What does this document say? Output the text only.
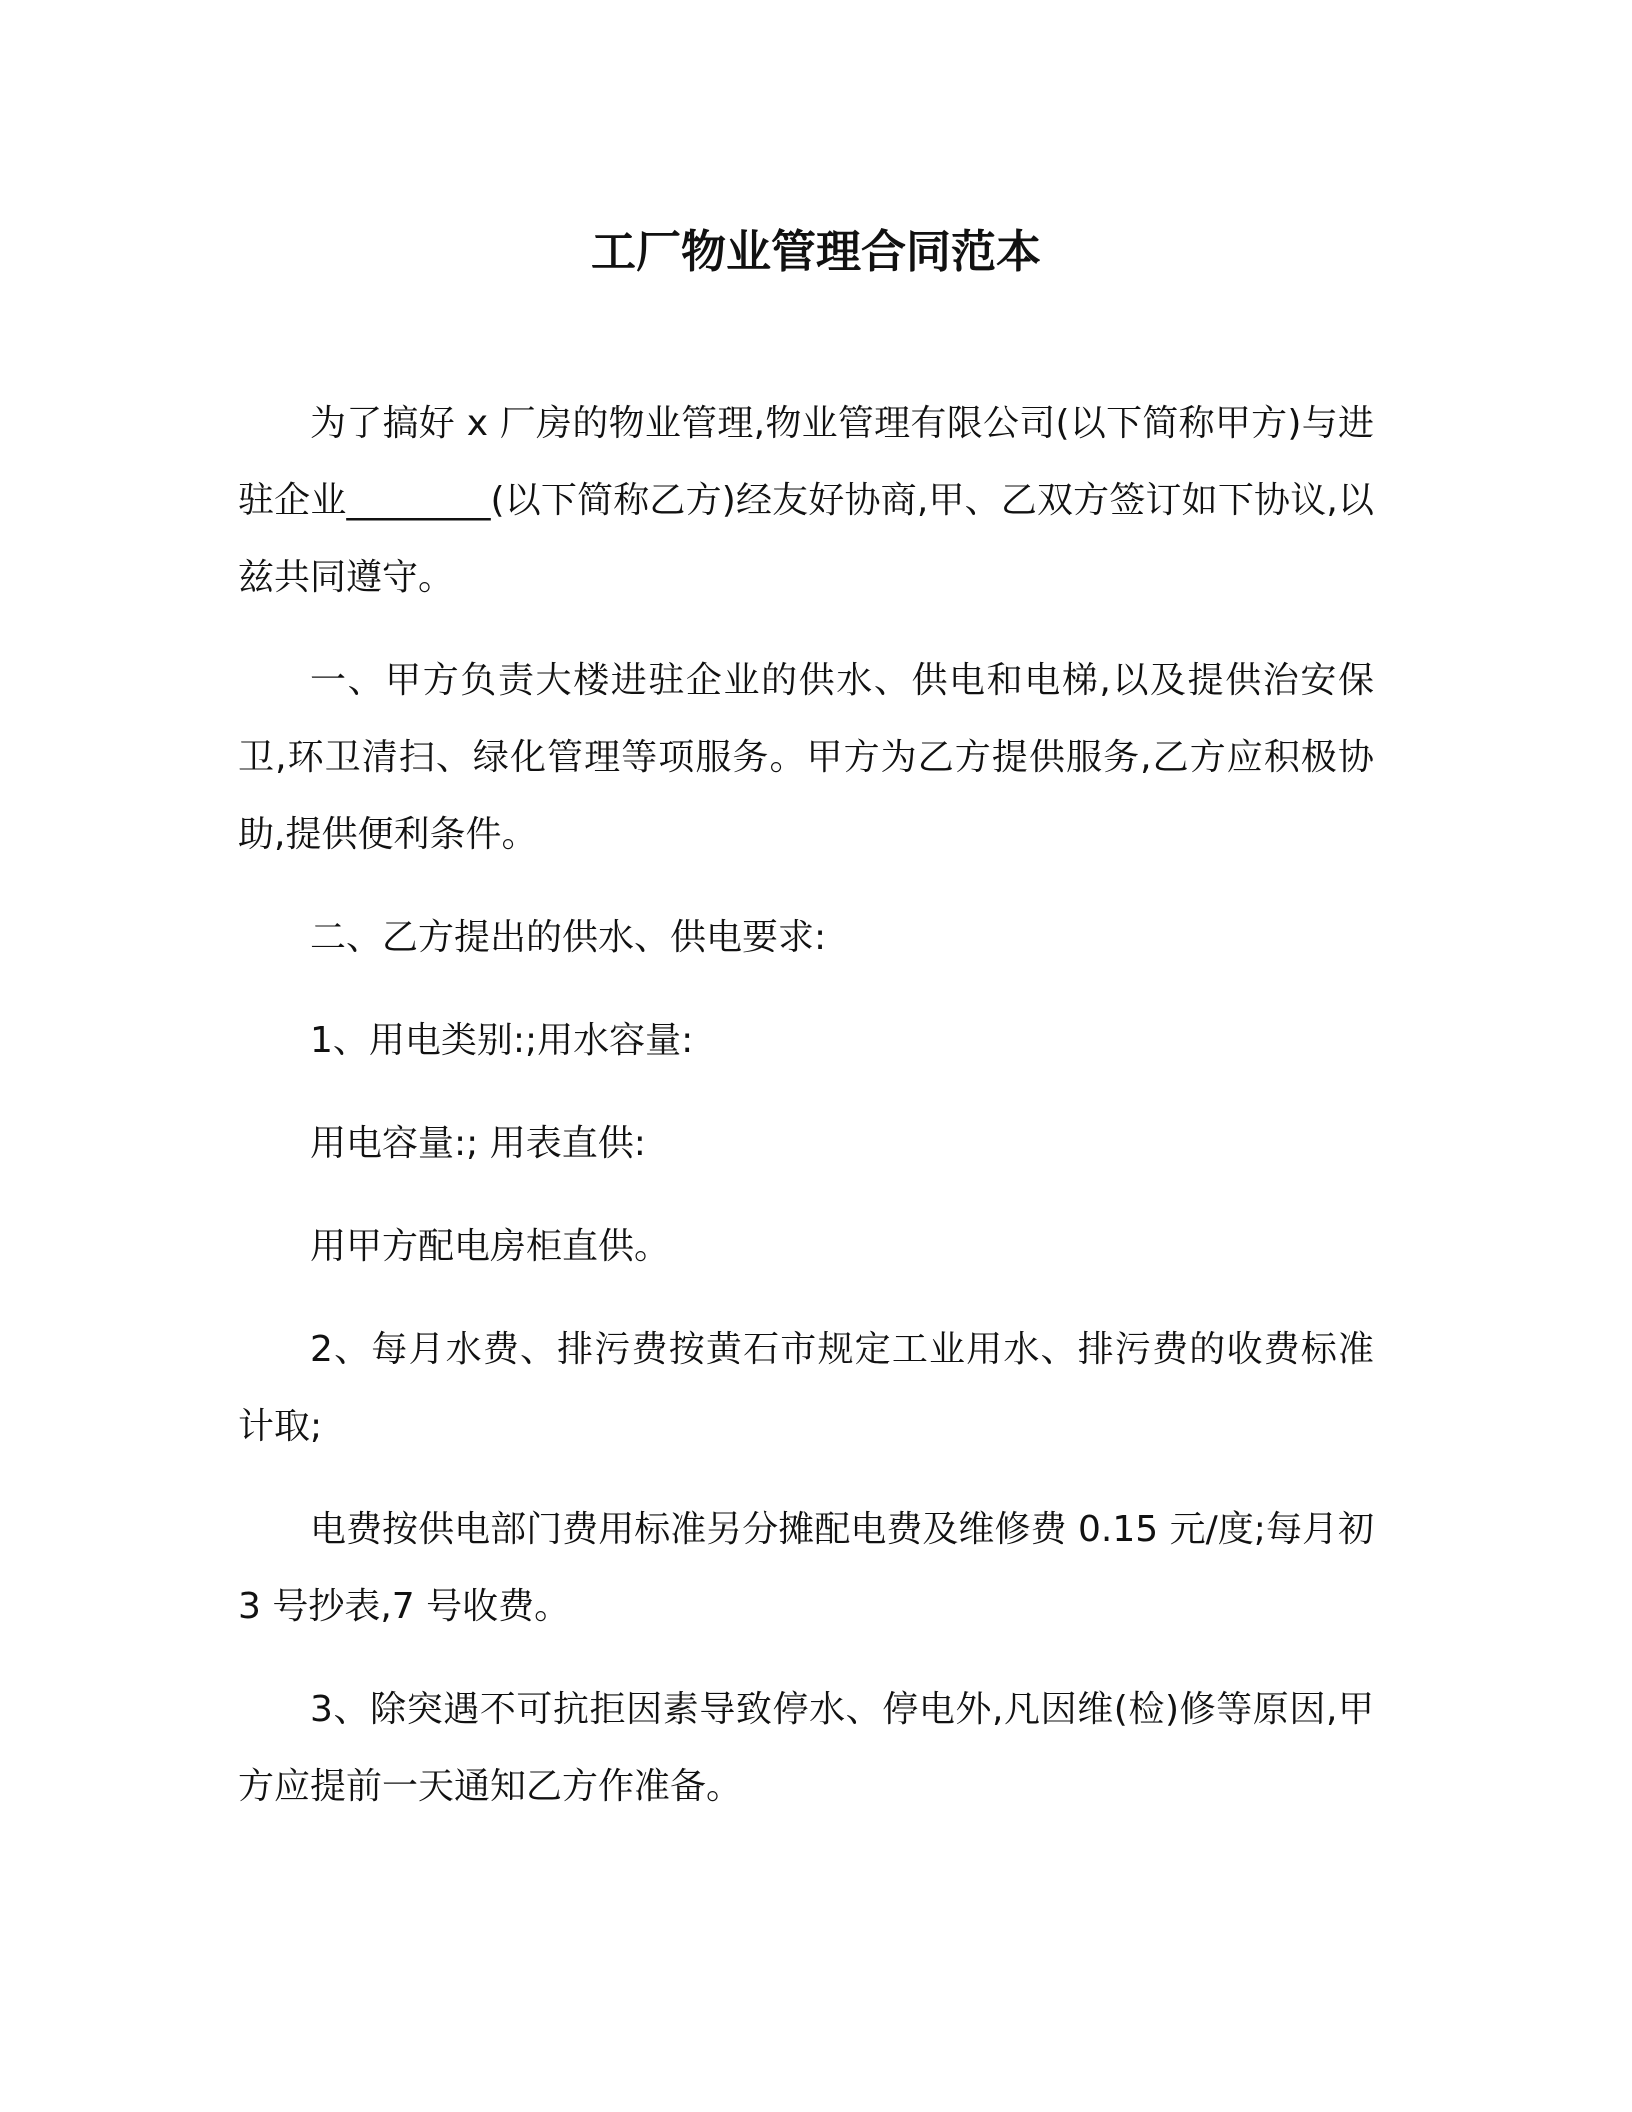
工厂物业管理合同范本

为了搞好 x 厂房的物业管理,物业管理有限公司(以下简称甲方)与进驻企业________(以下简称乙方)经友好协商,甲、乙双方签订如下协议,以兹共同遵守。

一、甲方负责大楼进驻企业的供水、供电和电梯,以及提供治安保卫,环卫清扫、绿化管理等项服务。甲方为乙方提供服务,乙方应积极协助,提供便利条件。

二、乙方提出的供水、供电要求:

1、用电类别:;用水容量:

用电容量:; 用表直供:

用甲方配电房柜直供。

2、每月水费、排污费按黄石市规定工业用水、排污费的收费标准计取;

电费按供电部门费用标准另分摊配电费及维修费 0.15 元/度;每月初 3 号抄表,7 号收费。

3、除突遇不可抗拒因素导致停水、停电外,凡因维(检)修等原因,甲方应提前一天通知乙方作准备。
